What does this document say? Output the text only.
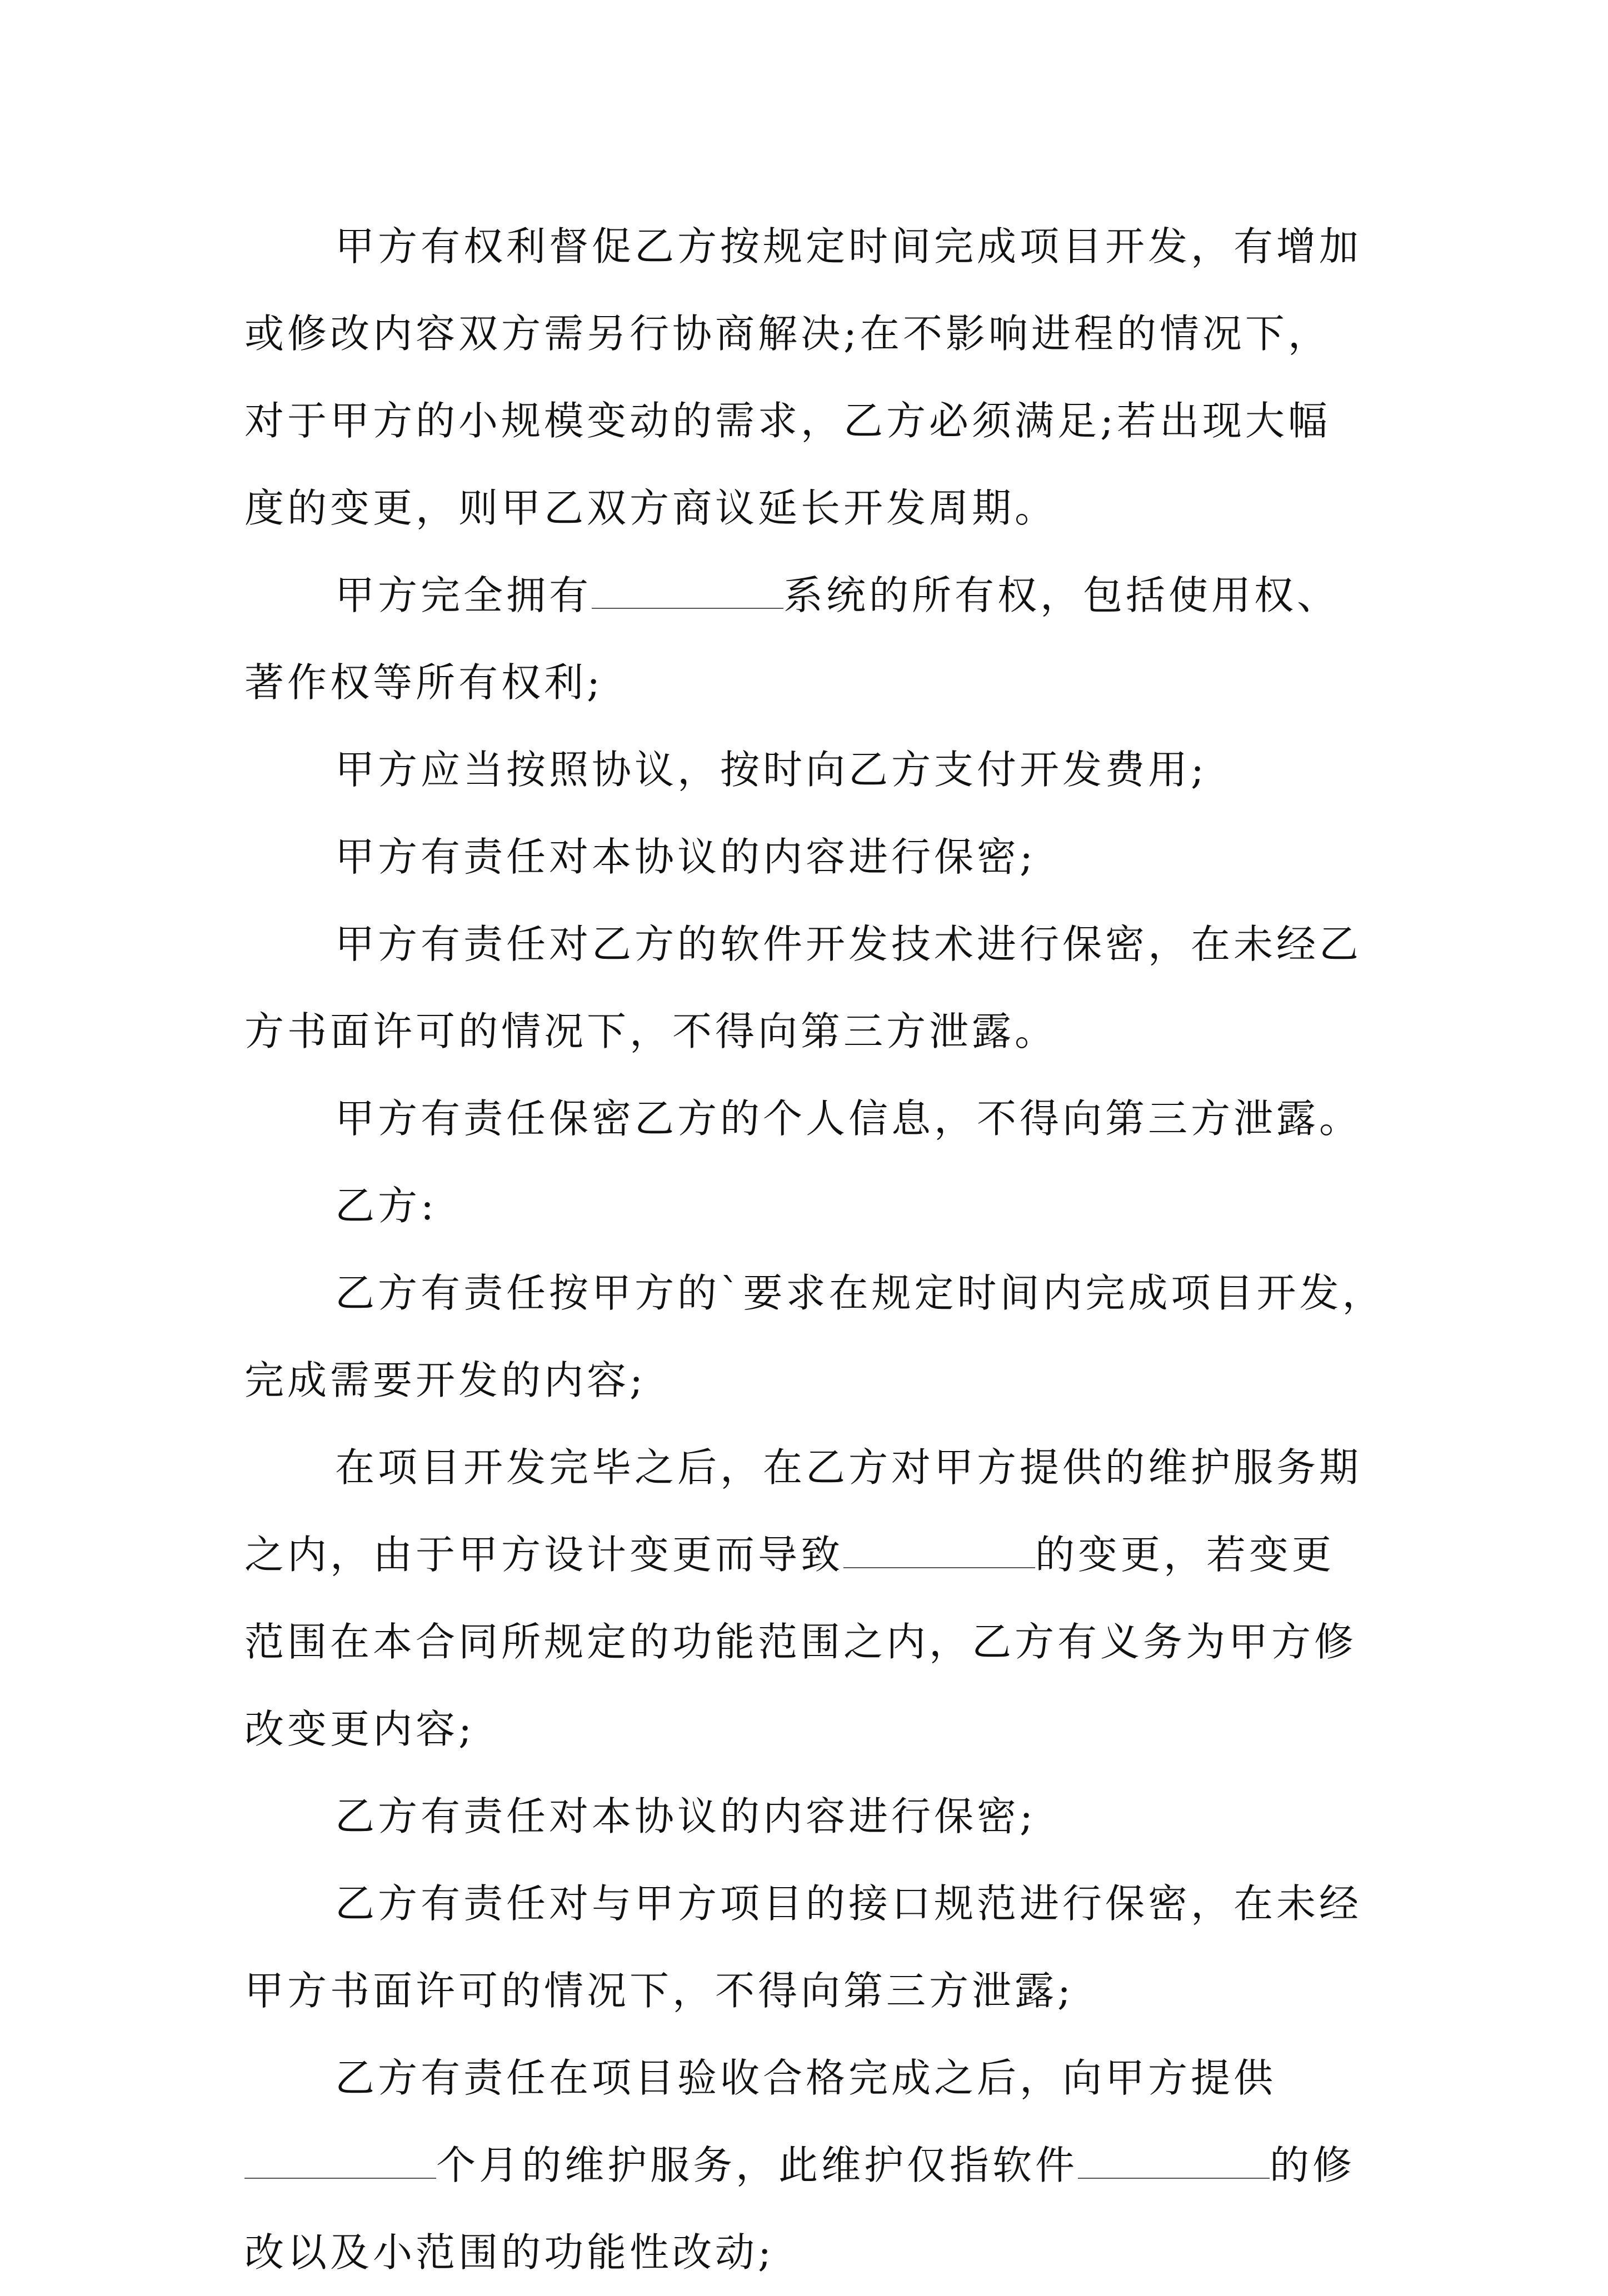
甲方有权利督促乙方按规定时间完成项目开发，有增加
或修改内容双方需另行协商解决;在不影响进程的情况下，
对于甲方的小规模变动的需求，乙方必须满足;若出现大幅
度的变更，则甲乙双方商议延长开发周期。
甲方完全拥有	系统的所有权，包括使用权、
著作权等所有权利;
甲方应当按照协议，按时向乙方支付开发费用;
甲方有责任对本协议的内容进行保密;
甲方有责任对乙方的软件开发技术进行保密，在未经乙
方书面许可的情况下，不得向第三方泄露。
甲方有责任保密乙方的个人信息，不得向第三方泄露。
乙方:
乙方有责任按甲方的`要求在规定时间内完成项目开发，
完成需要开发的内容;
在项目开发完毕之后，在乙方对甲方提供的维护服务期
之内，由于甲方设计变更而导致	的变更，若变更
范围在本合同所规定的功能范围之内，乙方有义务为甲方修
改变更内容;
乙方有责任对本协议的内容进行保密;
乙方有责任对与甲方项目的接口规范进行保密，在未经
甲方书面许可的情况下，不得向第三方泄露;
乙方有责任在项目验收合格完成之后，向甲方提供
个月的维护服务，此维护仅指软件	的修
改以及小范围的功能性改动;
